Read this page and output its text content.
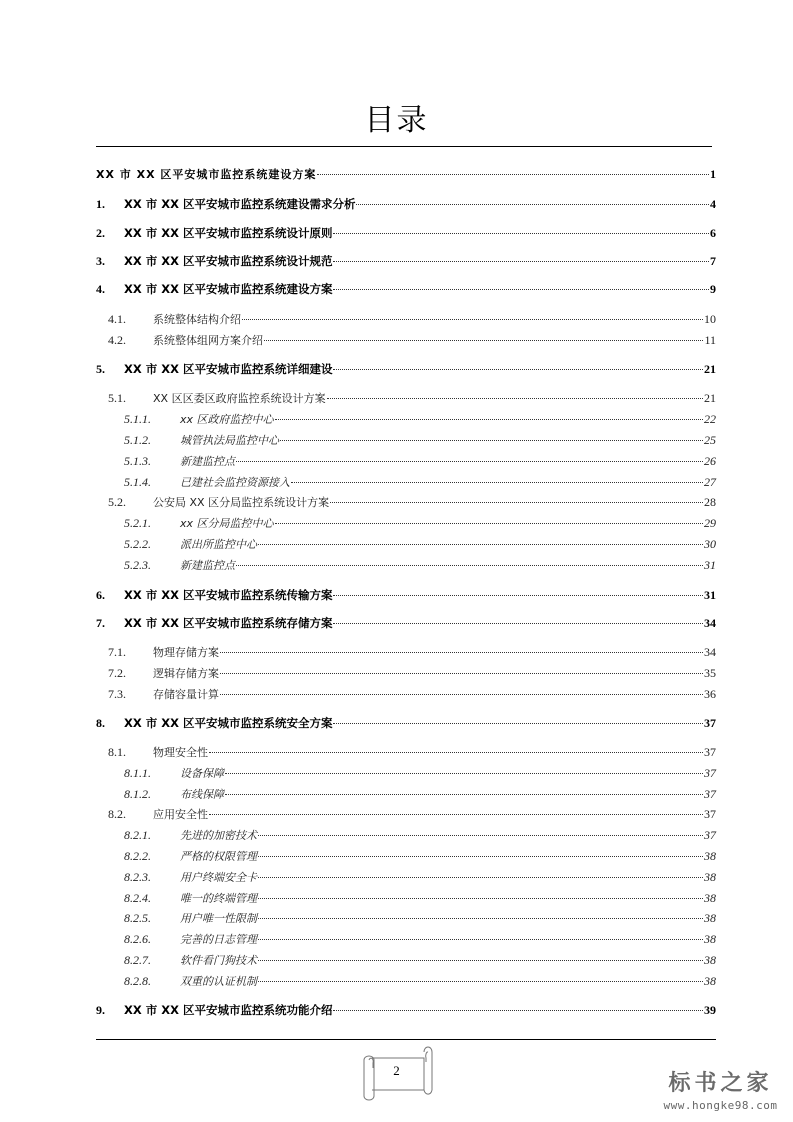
目录
XX 市 XX 区平安城市监控系统建设方案	1
1.	XX 市 XX 区平安城市监控系统建设需求分析	4
2.	XX 市 XX 区平安城市监控系统设计原则	6
3.	XX 市 XX 区平安城市监控系统设计规范	7
4.	XX 市 XX 区平安城市监控系统建设方案	9
4.1.	系统整体结构介绍	10
4.2.	系统整体组网方案介绍	11
5.	XX 市 XX 区平安城市监控系统详细建设	21
5.1.	XX 区区委区政府监控系统设计方案	21
5.1.1.	xx 区政府监控中心	22
5.1.2.	城管执法局监控中心	25
5.1.3.	新建监控点	26
5.1.4.	已建社会监控资源接入	27
5.2.	公安局 XX 区分局监控系统设计方案	28
5.2.1.	xx 区分局监控中心	29
5.2.2.	派出所监控中心	30
5.2.3.	新建监控点	31
6.	XX 市 XX 区平安城市监控系统传输方案	31
7.	XX 市 XX 区平安城市监控系统存储方案	34
7.1.	物理存储方案	34
7.2.	逻辑存储方案	35
7.3.	存储容量计算	36
8.	XX 市 XX 区平安城市监控系统安全方案	37
8.1.	物理安全性	37
8.1.1.	设备保障	37
8.1.2.	布线保障	37
8.2.	应用安全性	37
8.2.1.	先进的加密技术	37
8.2.2.	严格的权限管理	38
8.2.3.	用户终端安全卡	38
8.2.4.	唯一的终端管理	38
8.2.5.	用户唯一性限制	38
8.2.6.	完善的日志管理	38
8.2.7.	软件看门狗技术	38
8.2.8.	双重的认证机制	38
9.	XX 市 XX 区平安城市监控系统功能介绍	39
2
标书之家
www.hongke98.com
